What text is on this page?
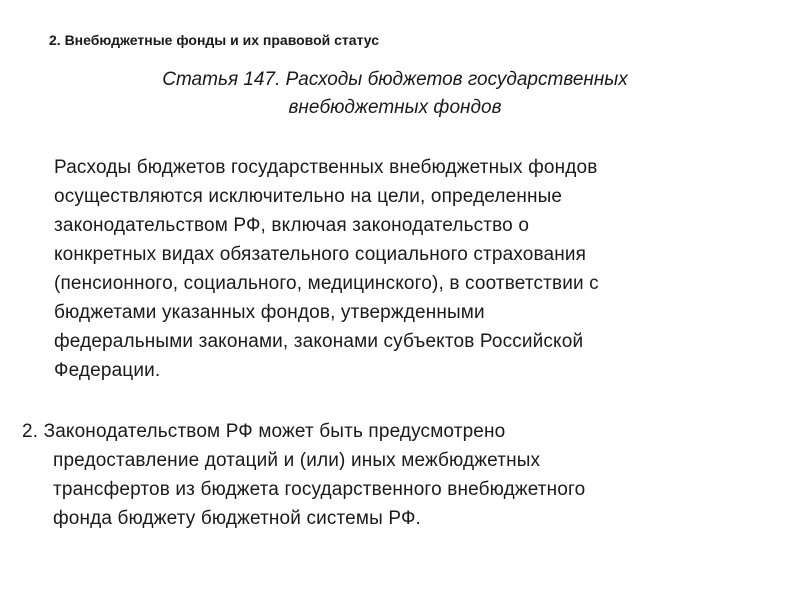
2. Внебюджетные фонды и их правовой статус
Статья 147. Расходы бюджетов государственных
внебюджетных фондов
Расходы бюджетов государственных внебюджетных фондов
осуществляются исключительно на цели, определенные
законодательством РФ, включая законодательство о
конкретных видах обязательного социального страхования
(пенсионного, социального, медицинского), в соответствии с
бюджетами указанных фондов, утвержденными
федеральными законами, законами субъектов Российской
Федерации.
2. Законодательством РФ может быть предусмотрено
предоставление дотаций и (или) иных межбюджетных
трансфертов из бюджета государственного внебюджетного
фонда бюджету бюджетной системы РФ.
